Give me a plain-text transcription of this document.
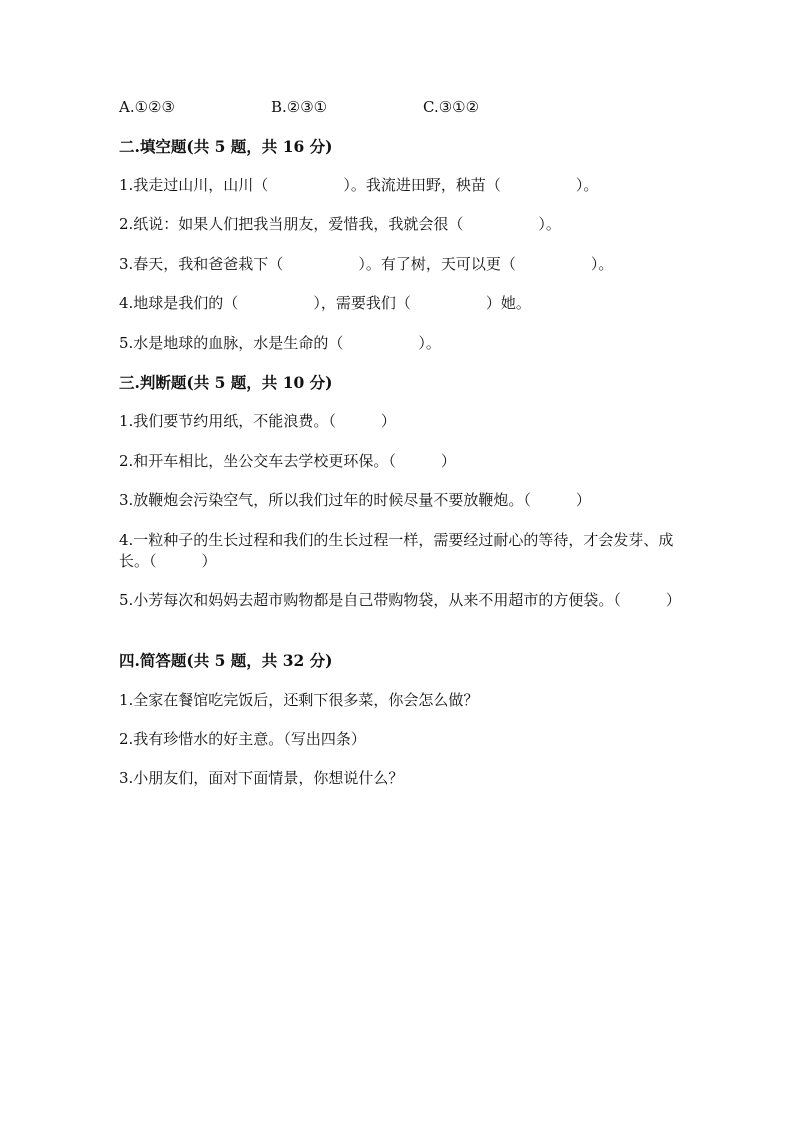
A.①②③	B.②③①	C.③①②
二.填空题(共 5 题，共 16 分)
1.我走过山川，山川（　　　　　）。我流进田野，秧苗（　　　　　）。
2.纸说：如果人们把我当朋友，爱惜我，我就会很（　　　　　）。
3.春天，我和爸爸栽下（　　　　　）。有了树，天可以更（　　　　　）。
4.地球是我们的（　　　　　），需要我们（　　　　　）她。
5.水是地球的血脉，水是生命的（　　　　　）。
三.判断题(共 5 题，共 10 分)
1.我们要节约用纸，不能浪费。（　　　）
2.和开车相比，坐公交车去学校更环保。（　　　）
3.放鞭炮会污染空气，所以我们过年的时候尽量不要放鞭炮。（　　　）
4.一粒种子的生长过程和我们的生长过程一样，需要经过耐心的等待，才会发芽、成长。（　　　）
5.小芳每次和妈妈去超市购物都是自己带购物袋，从来不用超市的方便袋。（　　　）
四.简答题(共 5 题，共 32 分)
1.全家在餐馆吃完饭后，还剩下很多菜，你会怎么做？
2.我有珍惜水的好主意。（写出四条）
3.小朋友们，面对下面情景，你想说什么？
